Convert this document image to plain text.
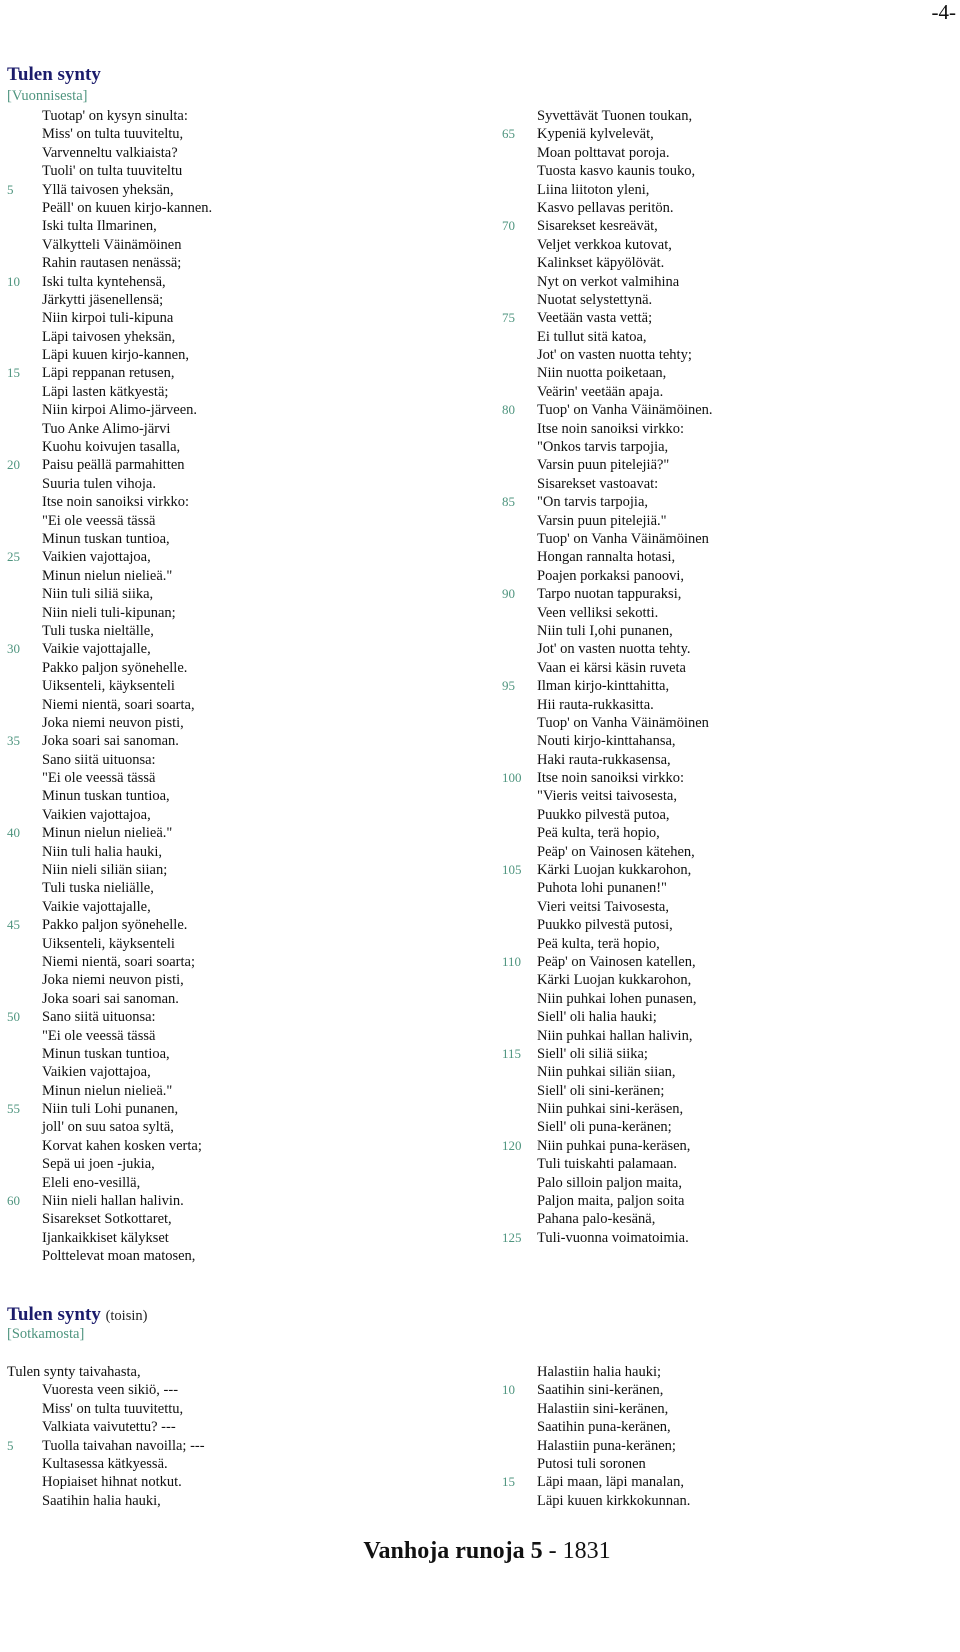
-4-
Tulen synty
[Vuonnisesta]
Tuotap' on kysyn sinulta:
Miss' on tulta tuuviteltu,
Varvenneltu valkiaista?
Tuoli' on tulta tuuviteltu
5 Yllä taivosen yheksän,
Peäll' on kuuen kirjo-kannen.
Iski tulta Ilmarinen,
Välkytteli Väinämöinen
Rahin rautasen nenässä;
10 Iski tulta kyntehensä,
Järkytti jäsenellensä;
Niin kirpoi tuli-kipuna
Läpi taivosen yheksän,
Läpi kuuen kirjo-kannen,
15 Läpi reppanan retusen,
Läpi lasten kätkyestä;
Niin kirpoi Alimo-järveen.
Tuo Anke Alimo-järvi
Kuohu koivujen tasalla,
20 Paisu peällä parmahitten
Suuria tulen vihoja.
Itse noin sanoiksi virkko:
"Ei ole veessä tässä
Minun tuskan tuntioa,
25 Vaikien vajottajoa,
Minun nielun nielieä."
Niin tuli siliä siika,
Niin nieli tuli-kipunan;
Tuli tuska nieltälle,
30 Vaikie vajottajalle,
Pakko paljon syönehelle.
Uiksenteli, käyksenteli
Niemi nientä, soari soarta,
Joka niemi neuvon pisti,
35 Joka soari sai sanoman.
Sano siitä uituonsa:
"Ei ole veessä tässä
Minun tuskan tuntioa,
Vaikien vajottajoa,
40 Minun nielun nielieä."
Niin tuli halia hauki,
Niin nieli siliän siian;
Tuli tuska nieliälle,
Vaikie vajottajalle,
45 Pakko paljon syönehelle.
Uiksenteli, käyksenteli
Niemi nientä, soari soarta;
Joka niemi neuvon pisti,
Joka soari sai sanoman.
50 Sano siitä uituonsa:
"Ei ole veessä tässä
Minun tuskan tuntioa,
Vaikien vajottajoa,
Minun nielun nielieä."
55 Niin tuli Lohi punanen,
joll' on suu satoa syltä,
Korvat kahen kosken verta;
Sepä ui joen -jukia,
Eleli eno-vesillä,
60 Niin nieli hallan halivin.
Sisarekset Sotkottaret,
Ijankaikkiset kälykset
Polttelevat moan matosen,
Syvettävät Tuonen toukan,
65 Kypeniä kylvelevät,
Moan polttavat poroja.
Tuosta kasvo kaunis touko,
Liina liitoton yleni,
Kasvo pellavas peritön.
70 Sisarekset kesreävät,
Veljet verkkoa kutovat,
Kalinkset käpyölövät.
Nyt on verkot valmihina
Nuotat selystettynä.
75 Veetään vasta vettä;
Ei tullut sitä katoa,
Jot' on vasten nuotta tehty;
Niin nuotta poiketaan,
Veärin' veetään apaja.
80 Tuop' on Vanha Väinämöinen.
Itse noin sanoiksi virkko:
"Onkos tarvis tarpojia,
Varsin puun pitelejiä?"
Sisarekset vastoavat:
85 "On tarvis tarpojia,
Varsin puun pitelejiä."
Tuop' on Vanha Väinämöinen
Hongan rannalta hotasi,
Poajen porkaksi panoovi,
90 Tarpo nuotan tappuraksi,
Veen velliksi sekotti.
Niin tuli I,ohi punanen,
Jot' on vasten nuotta tehty.
Vaan ei kärsi käsin ruveta
95 Ilman kirjo-kinttahitta,
Hii rauta-rukkasitta.
Tuop' on Vanha Väinämöinen
Nouti kirjo-kinttahansa,
Haki rauta-rukkasensa,
100 Itse noin sanoiksi virkko:
"Vieris veitsi taivosesta,
Puukko pilvestä putoa,
Peä kulta, terä hopio,
Peäp' on Vainosen kätehen,
105 Kärki Luojan kukkarohon,
Puhota lohi punanen!"
Vieri veitsi Taivosesta,
Puukko pilvestä putosi,
Peä kulta, terä hopio,
110 Peäp' on Vainosen katellen,
Kärki Luojan kukkarohon,
Niin puhkai lohen punasen,
Siell' oli halia hauki;
Niin puhkai hallan halivin,
115 Siell' oli siliä siika;
Niin puhkai siliän siian,
Siell' oli sini-keränen;
Niin puhkai sini-keräsen,
Siell' oli puna-keränen;
120 Niin puhkai puna-keräsen,
Tuli tuiskahti palamaan.
Palo silloin paljon maita,
Paljon maita, paljon soita
Pahana palo-kesänä,
125 Tuli-vuonna voimatoimia.
Tulen synty (toisin)
[Sotkamosta]
Tulen synty taivahasta,
Vuoresta veen sikiö, ---
Miss' on tulta tuuvitettu,
Valkiata vaivutettu? ---
5 Tuolla taivahan navoilla; ---
Kultasessa kätkyessä.
Hopiaiset hihnat notkut.
Saatihin halia hauki,
Halastiin halia hauki;
10 Saatihin sini-keränen,
Halastiin sini-keränen,
Saatihin puna-keränen,
Halastiin puna-keränen;
Putosi tuli soronen
15 Läpi maan, läpi manalan,
Läpi kuuen kirkkokunnan.
Vanhoja runoja 5 - 1831
